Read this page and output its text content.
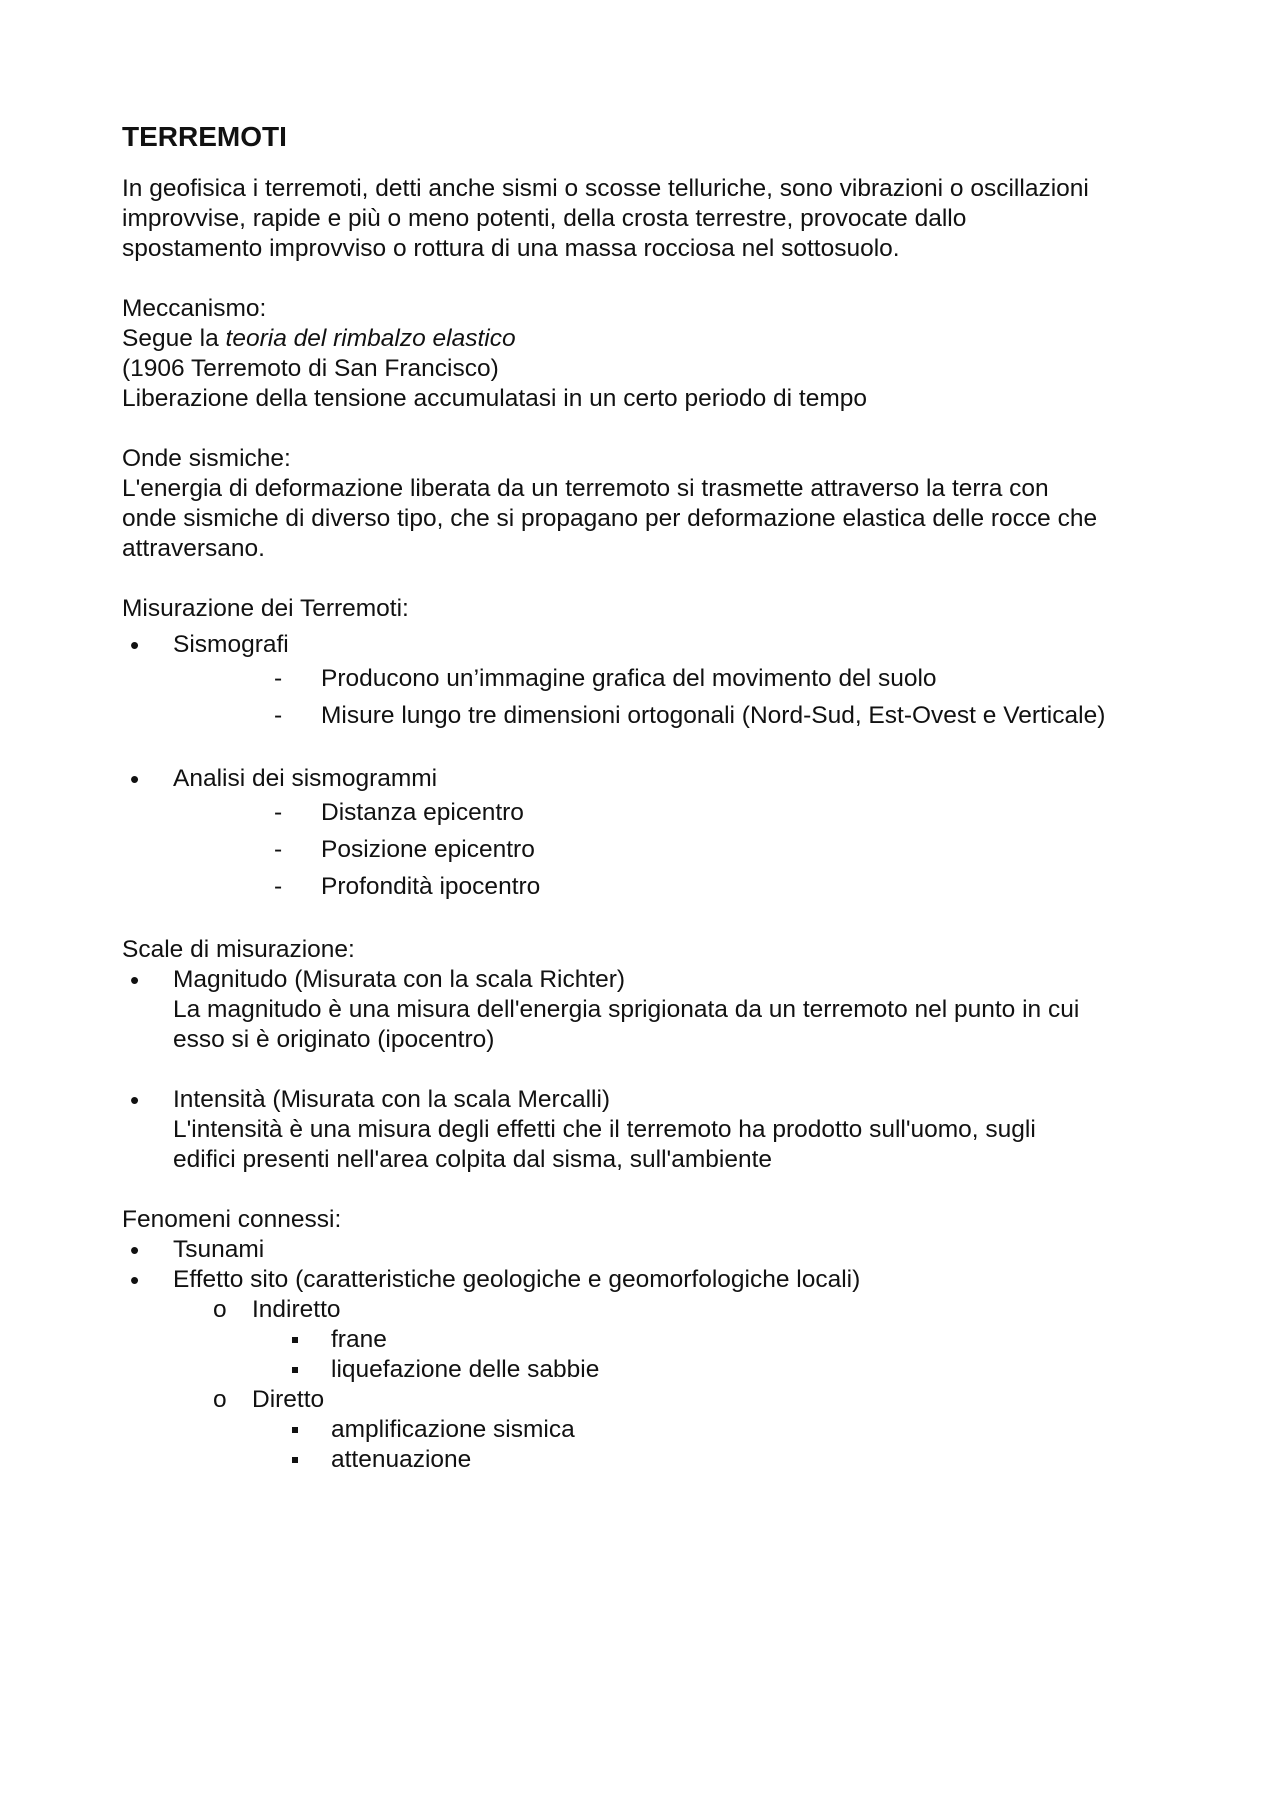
TERREMOTI

In geofisica i terremoti, detti anche sismi o scosse telluriche, sono vibrazioni o oscillazioni
improvvise, rapide e più o meno potenti, della crosta terrestre, provocate dallo
spostamento improvviso o rottura di una massa rocciosa nel sottosuolo.

Meccanismo:
Segue la teoria del rimbalzo elastico
(1906 Terremoto di San Francisco)
Liberazione della tensione accumulatasi in un certo periodo di tempo
Onde sismiche:
L'energia di deformazione liberata da un terremoto si trasmette attraverso la terra con
onde sismiche di diverso tipo, che si propagano per deformazione elastica delle rocce che
attraversano.
Misurazione dei Terremoti:
• Sismografi
- Producono un’immagine grafica del movimento del suolo
- Misure lungo tre dimensioni ortogonali (Nord-Sud, Est-Ovest e Verticale)
• Analisi dei sismogrammi
- Distanza epicentro
- Posizione epicentro
- Profondità ipocentro
Scale di misurazione:
• Magnitudo (Misurata con la scala Richter)
La magnitudo è una misura dell'energia sprigionata da un terremoto nel punto in cui
esso si è originato (ipocentro)
• Intensità (Misurata con la scala Mercalli)
L'intensità è una misura degli effetti che il terremoto ha prodotto sull'uomo, sugli
edifici presenti nell'area colpita dal sisma, sull'ambiente
Fenomeni connessi:
• Tsunami
• Effetto sito (caratteristiche geologiche e geomorfologiche locali)
o Indiretto
frane
liquefazione delle sabbie
o Diretto
amplificazione sismica
attenuazione
